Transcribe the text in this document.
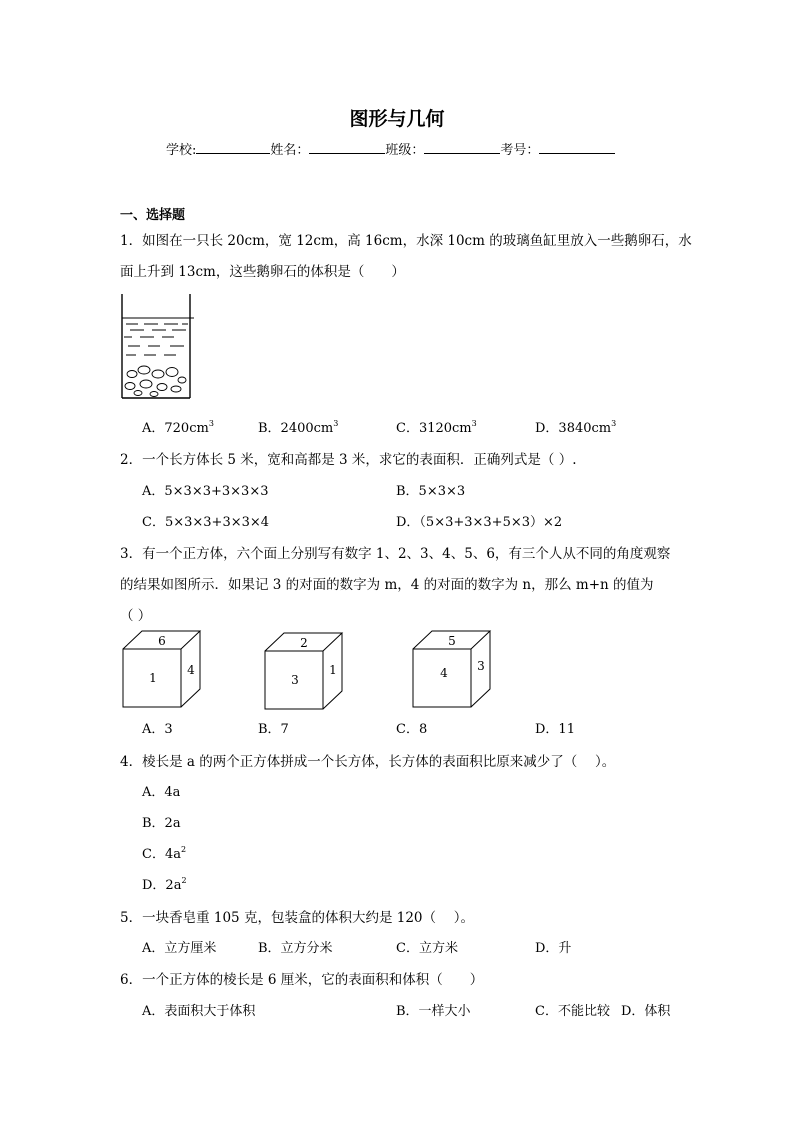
图形与几何
学校:	姓名：	班级：	考号：
一、选择题
1．如图在一只长 20cm，宽 12cm，高 16cm，水深 10cm 的玻璃鱼缸里放入一些鹅卵石，水
面上升到 13cm，这些鹅卵石的体积是（　　）
A．$720cm^3$	B．$2400cm^3$	C．$3120cm^3$	D．$3840cm^3$
2．一个长方体长 5 米，宽和高都是 3 米，求它的表面积．正确列式是（ ）.
A．5×3×3+3×3×3	B．5×3×3
C．5×3×3+3×3×4	D．（5×3+3×3+5×3）×2
3．有一个正方体，六个面上分别写有数字 1、2、3、4、5、6，有三个人从不同的角度观察
的结果如图所示．如果记 3 的对面的数字为 m，4 的对面的数字为 n，那么 m+n 的值为
（ ）
6
1
4
2
3
1
5
4 3
A．3	B．7	C．8	D．11
4．棱长是 a 的两个正方体拼成一个长方体，长方体的表面积比原来减少了（　 ）。
A．4a
B．2a
C．$4a^2$
D．$2a^2$
5．一块香皂重 105 克，包装盒的体积大约是 120（　 ）。
A．立方厘米	B．立方分米	C．立方米	D．升
6．一个正方体的棱长是 6 厘米，它的表面积和体积（　　）
A．表面积大于体积	B．一样大小	C．不能比较 D．体积
